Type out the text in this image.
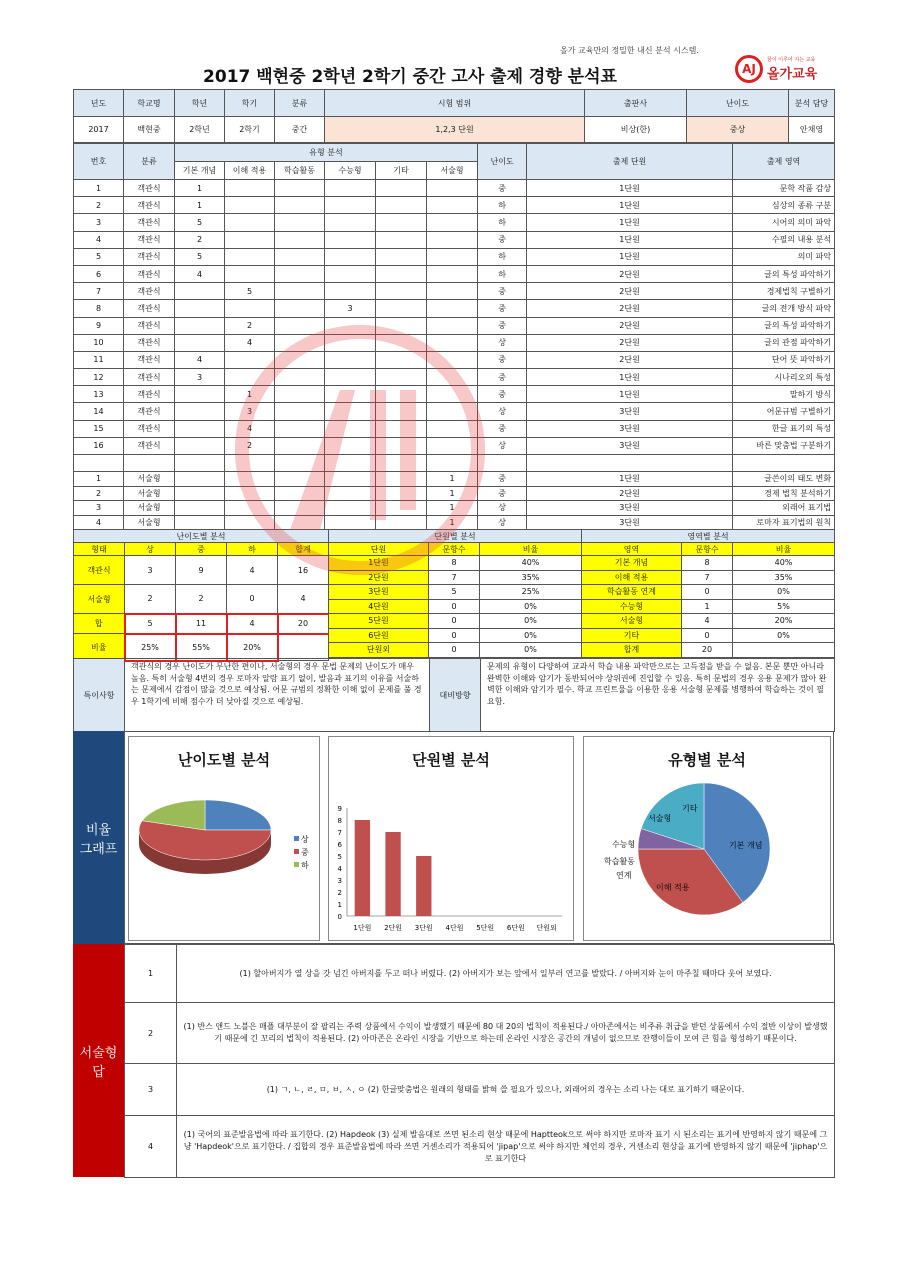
올가 교육만의 정밀한 내신 분석 시스템.
AJ
꿈이 이루어 지는 교육
올가교육
2017 백현중 2학년 2학기 중간 고사 출제 경향 분석표
년도	학교명	학년	학기	분류	시험 범위	출판사	난이도	분석 담당
2017	백현중	2학년	2학기	중간	1,2,3 단원	비상(한)	중상	안채영
번호	분류	유형 분석						난이도	출제 단원	출제 영역
		기본 개념	이해 적용	학습활동	수능형	기타	서술형			
1	객관식	1						중	1단원	문학 작품 감상
2	객관식	1						하	1단원	심상의 종류 구분
3	객관식	5						하	1단원	시어의 의미 파악
4	객관식	2						중	1단원	수필의 내용 분석
5	객관식	5						하	1단원	의미 파악
6	객관식	4						하	2단원	글의 특성 파악하기
7	객관식		5					중	2단원	경제법칙 구별하기
8	객관식				3			중	2단원	글의 전개 방식 파악
9	객관식		2					중	2단원	글의 특성 파악하기
10	객관식		4					상	2단원	글의 관점 파악하기
11	객관식	4						중	2단원	단어 뜻 파악하기
12	객관식	3						중	1단원	시나리오의 특성
13	객관식		1					중	1단원	말하기 방식
14	객관식		3					상	3단원	어문규범 구별하기
15	객관식		4					중	3단원	한글 표기의 특성
16	객관식		2					상	3단원	바른 맞춤법 구분하기

1	서술형						1	중	1단원	글쓴이의 태도 변화
2	서술형						1	중	2단원	경제 법칙 분석하기
3	서술형						1	상	3단원	외래어 표기법
4	서술형						1	상	3단원	로마자 표기법의 원칙
난이도별 분석				
형태	상	중	하	합계
객관식	3	9	4	16
서술형	2	2	0	4
합	5	11	4	20
비율	25%	55%	20%	
단원별 분석		
단원	문항수	비율
1단원	8	40%
2단원	7	35%
3단원	5	25%
4단원	0	0%
5단원	0	0%
6단원	0	0%
단원외	0	0%
영역별 분석		
영역	문항수	비율
기본 개념	8	40%
이해 적용	7	35%
학습활동 연계	0	0%
수능형	1	5%
서술형	4	20%
기타	0	0%
합계	20	
특이사항	객관식의 경우 난이도가 무난한 편이나, 서술형의 경우 문법 문제의 난이도가 매우 높음. 특히 서술형 4번의 경우 로마자 알람 표기 없이, 발음과 표기의 이유를 서술하는 문제에서 감점이 많을 것으로 예상됨. 어문 규범의 정확한 이해 없이 문제를 풀 경우 1학기에 비해 점수가 더 낮아질 것으로 예상됨.	대비방향	문제의 유형이 다양하여 교과서 학습 내용 파악만으로는 고득점을 받을 수 없음. 본문 뿐만 아니라 완벽한 이해와 암기가 동반되어야 상위권에 진입할 수 있음. 특히 문법의 경우 응용 문제가 많아 완벽한 이해와 암기가 필수. 학교 프린트물을 이용한 응용 서술형 문제를 병행하여 학습하는 것이 필요함.
비율
그래프
난이도별 분석
상
중
하
단원별 분석
0
1
2
3
4
5
6
7
8
9
1단원 2단원 3단원 4단원 5단원 6단원 단원외
유형별 분석
기본 개념
이해 적용
학습활동
수능형
서술형
기타
연계
서술형
답
1	(1) 할아버지가 열 상을 갓 넘긴 아버지를 두고 떠나 버렸다. (2) 아버지가 보는 앞에서 일부러 연고를 발랐다. / 아버지와 눈이 마주칠 때마다 웃어 보였다.
2	(1) 반스 앤드 노블은 매플 대부분이 잘 팔리는 주력 상품에서 수익이 발생했기 때문에 80 대 20의 법칙이 적용된다./ 아마존에서는 비주류 취급을 받던 상품에서 수익 절반 이상이 발생했기 때문에 긴 꼬리의 법칙이 적용된다. (2) 아마존은 온라인 시장을 기반으로 하는데 온라인 시장은 공간의 개념이 없으므로 잔행이들이 모여 큰 힘을 형성하기 때문이다.
3	(1) ㄱ, ㄴ, ㄹ, ㅁ, ㅂ, ㅅ, ㅇ (2) 한글맞춤법은 원래의 형태를 밝혀 쓸 필요가 있으나, 외래어의 경우는 소리 나는 대로 표기하기 때문이다.
4	(1) 국어의 표준발음법에 따라 표기한다. (2) Hapdeok (3) 실제 발음대로 쓰면 된소리 현상 때문에 Haptteok으로 써야 하지만 로마자 표기 시 된소리는 표기에 반영하지 않기 때문에 그냥 'Hapdeok'으로 표기한다. / 집합의 경우 표준발음법에 따라 쓰면 거센소리가 적용되어 'jipap'으로 써야 하지만 체언의 경우, 거센소리 현상을 표기에 반영하지 않기 때문에 'jiphap'으로 표기한다
